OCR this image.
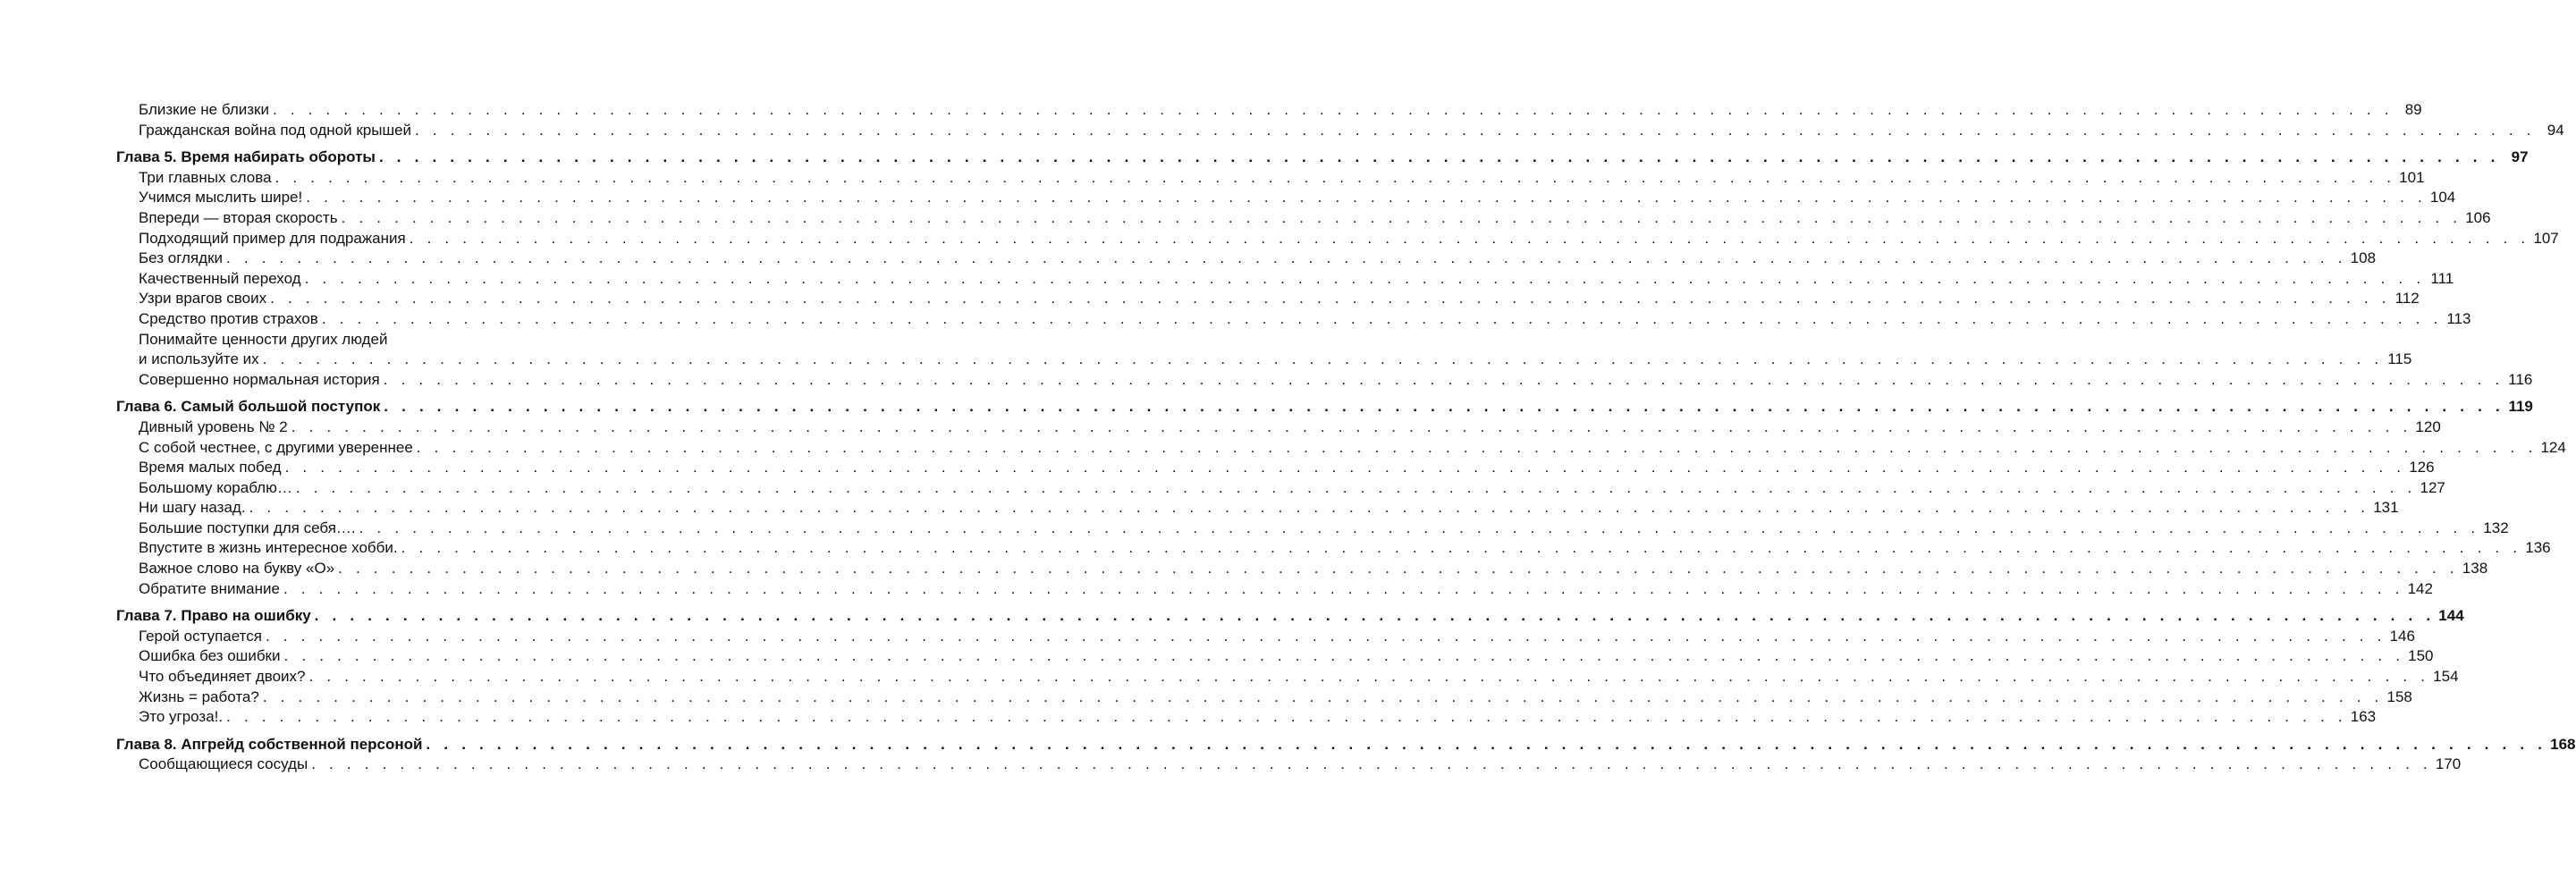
Близкие не близки . . . . . . . . . . . . . . . . . . . . . . . . . . . . . . . . . . . . . . . . . . . . . . . . . . . . . . . . . . . . . . . . . . . . . . . . . . . . . . . . . . . . . . . . . . . . . . . . . . . . . . . . . . . . . . . . . . . . . . . . 89
Гражданская война под одной крышей . . . . . . . . . . . . . . . . . . . . . . . . . . . . . . . . . . . . . . . . . . . . . . . . . . . . . . . . . . . . . . . . . . . . . . . . . . . . . . . . . . . . . . . . . . . . . . . . . . . . . . . . . . . . . . . . . . . . . . . . 94
Глава 5. Время набирать обороты . . . . . . . . . . . . . . . . . . . . . . . . . . . . . . . . . . . . . . . . . . . . . . . . . . . . . . . . . . . . . . . . . . . . . . . . . . . . . . . . . . . . . . . . . . . . . . . . . . . . . . . . . . . . . . . . . . . . . . . . 97
Три главных слова . . . . . . . . . . . . . . . . . . . . . . . . . . . . . . . . . . . . . . . . . . . . . . . . . . . . . . . . . . . . . . . . . . . . . . . . . . . . . . . . . . . . . . . . . . . . . . . . . . . . . . . . . . . . . . . . . . . . . . . . 101
Учимся мыслить шире! . . . . . . . . . . . . . . . . . . . . . . . . . . . . . . . . . . . . . . . . . . . . . . . . . . . . . . . . . . . . . . . . . . . . . . . . . . . . . . . . . . . . . . . . . . . . . . . . . . . . . . . . . . . . . . . . . . . . . . . . 104
Впереди — вторая скорость . . . . . . . . . . . . . . . . . . . . . . . . . . . . . . . . . . . . . . . . . . . . . . . . . . . . . . . . . . . . . . . . . . . . . . . . . . . . . . . . . . . . . . . . . . . . . . . . . . . . . . . . . . . . . . . . . . . . . . . . 106
Подходящий пример для подражания . . . . . . . . . . . . . . . . . . . . . . . . . . . . . . . . . . . . . . . . . . . . . . . . . . . . . . . . . . . . . . . . . . . . . . . . . . . . . . . . . . . . . . . . . . . . . . . . . . . . . . . . . . . . . . . . . . . . . . . . 107
Без оглядки . . . . . . . . . . . . . . . . . . . . . . . . . . . . . . . . . . . . . . . . . . . . . . . . . . . . . . . . . . . . . . . . . . . . . . . . . . . . . . . . . . . . . . . . . . . . . . . . . . . . . . . . . . . . . . . . . . . . . . . . 108
Качественный переход . . . . . . . . . . . . . . . . . . . . . . . . . . . . . . . . . . . . . . . . . . . . . . . . . . . . . . . . . . . . . . . . . . . . . . . . . . . . . . . . . . . . . . . . . . . . . . . . . . . . . . . . . . . . . . . . . . . . . . . . 111
Узри врагов своих . . . . . . . . . . . . . . . . . . . . . . . . . . . . . . . . . . . . . . . . . . . . . . . . . . . . . . . . . . . . . . . . . . . . . . . . . . . . . . . . . . . . . . . . . . . . . . . . . . . . . . . . . . . . . . . . . . . . . . . . 112
Средство против страхов . . . . . . . . . . . . . . . . . . . . . . . . . . . . . . . . . . . . . . . . . . . . . . . . . . . . . . . . . . . . . . . . . . . . . . . . . . . . . . . . . . . . . . . . . . . . . . . . . . . . . . . . . . . . . . . . . . . . . . . . 113
Понимайте ценности других людей
и используйте их . . . . . . . . . . . . . . . . . . . . . . . . . . . . . . . . . . . . . . . . . . . . . . . . . . . . . . . . . . . . . . . . . . . . . . . . . . . . . . . . . . . . . . . . . . . . . . . . . . . . . . . . . . . . . . . . . . . . . . . . 115
Совершенно нормальная история . . . . . . . . . . . . . . . . . . . . . . . . . . . . . . . . . . . . . . . . . . . . . . . . . . . . . . . . . . . . . . . . . . . . . . . . . . . . . . . . . . . . . . . . . . . . . . . . . . . . . . . . . . . . . . . . . . . . . . . . 116
Глава 6. Самый большой поступок . . . . . . . . . . . . . . . . . . . . . . . . . . . . . . . . . . . . . . . . . . . . . . . . . . . . . . . . . . . . . . . . . . . . . . . . . . . . . . . . . . . . . . . . . . . . . . . . . . . . . . . . . . . . . . . . . . . . . . . . 119
Дивный уровень № 2 . . . . . . . . . . . . . . . . . . . . . . . . . . . . . . . . . . . . . . . . . . . . . . . . . . . . . . . . . . . . . . . . . . . . . . . . . . . . . . . . . . . . . . . . . . . . . . . . . . . . . . . . . . . . . . . . . . . . . . . . 120
С собой честнее, с другими увереннее . . . . . . . . . . . . . . . . . . . . . . . . . . . . . . . . . . . . . . . . . . . . . . . . . . . . . . . . . . . . . . . . . . . . . . . . . . . . . . . . . . . . . . . . . . . . . . . . . . . . . . . . . . . . . . . . . . . . . . . . 124
Время малых побед . . . . . . . . . . . . . . . . . . . . . . . . . . . . . . . . . . . . . . . . . . . . . . . . . . . . . . . . . . . . . . . . . . . . . . . . . . . . . . . . . . . . . . . . . . . . . . . . . . . . . . . . . . . . . . . . . . . . . . . . 126
Большому кораблю… . . . . . . . . . . . . . . . . . . . . . . . . . . . . . . . . . . . . . . . . . . . . . . . . . . . . . . . . . . . . . . . . . . . . . . . . . . . . . . . . . . . . . . . . . . . . . . . . . . . . . . . . . . . . . . . . . . . . . . . . 127
Ни шагу назад. . . . . . . . . . . . . . . . . . . . . . . . . . . . . . . . . . . . . . . . . . . . . . . . . . . . . . . . . . . . . . . . . . . . . . . . . . . . . . . . . . . . . . . . . . . . . . . . . . . . . . . . . . . . . . . . . . . . . . . . . 131
Большие поступки для себя…. . . . . . . . . . . . . . . . . . . . . . . . . . . . . . . . . . . . . . . . . . . . . . . . . . . . . . . . . . . . . . . . . . . . . . . . . . . . . . . . . . . . . . . . . . . . . . . . . . . . . . . . . . . . . . . . . . . . . . . . . 132
Впустите в жизнь интересное хобби. . . . . . . . . . . . . . . . . . . . . . . . . . . . . . . . . . . . . . . . . . . . . . . . . . . . . . . . . . . . . . . . . . . . . . . . . . . . . . . . . . . . . . . . . . . . . . . . . . . . . . . . . . . . . . . . . . . . . . . . . 136
Важное слово на букву «О» . . . . . . . . . . . . . . . . . . . . . . . . . . . . . . . . . . . . . . . . . . . . . . . . . . . . . . . . . . . . . . . . . . . . . . . . . . . . . . . . . . . . . . . . . . . . . . . . . . . . . . . . . . . . . . . . . . . . . . . . 138
Обратите внимание . . . . . . . . . . . . . . . . . . . . . . . . . . . . . . . . . . . . . . . . . . . . . . . . . . . . . . . . . . . . . . . . . . . . . . . . . . . . . . . . . . . . . . . . . . . . . . . . . . . . . . . . . . . . . . . . . . . . . . . . 142
Глава 7. Право на ошибку . . . . . . . . . . . . . . . . . . . . . . . . . . . . . . . . . . . . . . . . . . . . . . . . . . . . . . . . . . . . . . . . . . . . . . . . . . . . . . . . . . . . . . . . . . . . . . . . . . . . . . . . . . . . . . . . . . . . . . . . 144
Герой оступается . . . . . . . . . . . . . . . . . . . . . . . . . . . . . . . . . . . . . . . . . . . . . . . . . . . . . . . . . . . . . . . . . . . . . . . . . . . . . . . . . . . . . . . . . . . . . . . . . . . . . . . . . . . . . . . . . . . . . . . . 146
Ошибка без ошибки . . . . . . . . . . . . . . . . . . . . . . . . . . . . . . . . . . . . . . . . . . . . . . . . . . . . . . . . . . . . . . . . . . . . . . . . . . . . . . . . . . . . . . . . . . . . . . . . . . . . . . . . . . . . . . . . . . . . . . . . 150
Что объединяет двоих? . . . . . . . . . . . . . . . . . . . . . . . . . . . . . . . . . . . . . . . . . . . . . . . . . . . . . . . . . . . . . . . . . . . . . . . . . . . . . . . . . . . . . . . . . . . . . . . . . . . . . . . . . . . . . . . . . . . . . . . . 154
Жизнь = работа? . . . . . . . . . . . . . . . . . . . . . . . . . . . . . . . . . . . . . . . . . . . . . . . . . . . . . . . . . . . . . . . . . . . . . . . . . . . . . . . . . . . . . . . . . . . . . . . . . . . . . . . . . . . . . . . . . . . . . . . . 158
Это угроза!. . . . . . . . . . . . . . . . . . . . . . . . . . . . . . . . . . . . . . . . . . . . . . . . . . . . . . . . . . . . . . . . . . . . . . . . . . . . . . . . . . . . . . . . . . . . . . . . . . . . . . . . . . . . . . . . . . . . . . . . . 163
Глава 8. Апгрейд собственной персоной . . . . . . . . . . . . . . . . . . . . . . . . . . . . . . . . . . . . . . . . . . . . . . . . . . . . . . . . . . . . . . . . . . . . . . . . . . . . . . . . . . . . . . . . . . . . . . . . . . . . . . . . . . . . . . . . . . . . . . . . 168
Сообщающиеся сосуды . . . . . . . . . . . . . . . . . . . . . . . . . . . . . . . . . . . . . . . . . . . . . . . . . . . . . . . . . . . . . . . . . . . . . . . . . . . . . . . . . . . . . . . . . . . . . . . . . . . . . . . . . . . . . . . . . . . . . . . . 170
